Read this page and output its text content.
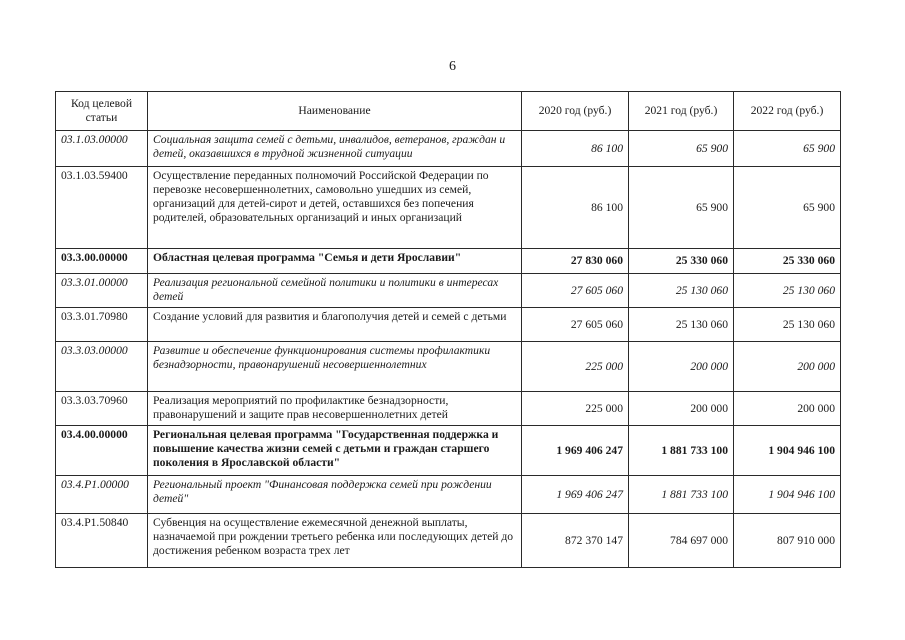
6
Код целевой статьи	Наименование	2020 год (руб.)	2021 год (руб.)	2022 год (руб.)
03.1.03.00000	Социальная защита семей с детьми, инвалидов, ветеранов, граждан и детей, оказавшихся в трудной жизненной ситуации	86 100	65 900	65 900
03.1.03.59400	Осуществление переданных полномочий Российской Федерации по перевозке несовершеннолетних, самовольно ушедших из семей, организаций для детей-сирот и детей, оставшихся без попечения родителей, образовательных организаций и иных организаций	86 100	65 900	65 900
03.3.00.00000	Областная целевая программа "Семья и дети Ярославии"	27 830 060	25 330 060	25 330 060
03.3.01.00000	Реализация региональной семейной политики и политики в интересах детей	27 605 060	25 130 060	25 130 060
03.3.01.70980	Создание условий для развития и благополучия детей и семей с детьми	27 605 060	25 130 060	25 130 060
03.3.03.00000	Развитие и обеспечение функционирования системы профилактики безнадзорности, правонарушений несовершеннолетних	225 000	200 000	200 000
03.3.03.70960	Реализация мероприятий по профилактике безнадзорности, правонарушений и защите прав несовершеннолетних детей	225 000	200 000	200 000
03.4.00.00000	Региональная целевая программа "Государственная поддержка и повышение качества жизни семей с детьми и граждан старшего поколения в Ярославской области"	1 969 406 247	1 881 733 100	1 904 946 100
03.4.P1.00000	Региональный проект "Финансовая поддержка семей при рождении детей"	1 969 406 247	1 881 733 100	1 904 946 100
03.4.P1.50840	Субвенция на осуществление ежемесячной денежной выплаты, назначаемой при рождении третьего ребенка или последующих детей до достижения ребенком возраста трех лет	872 370 147	784 697 000	807 910 000
